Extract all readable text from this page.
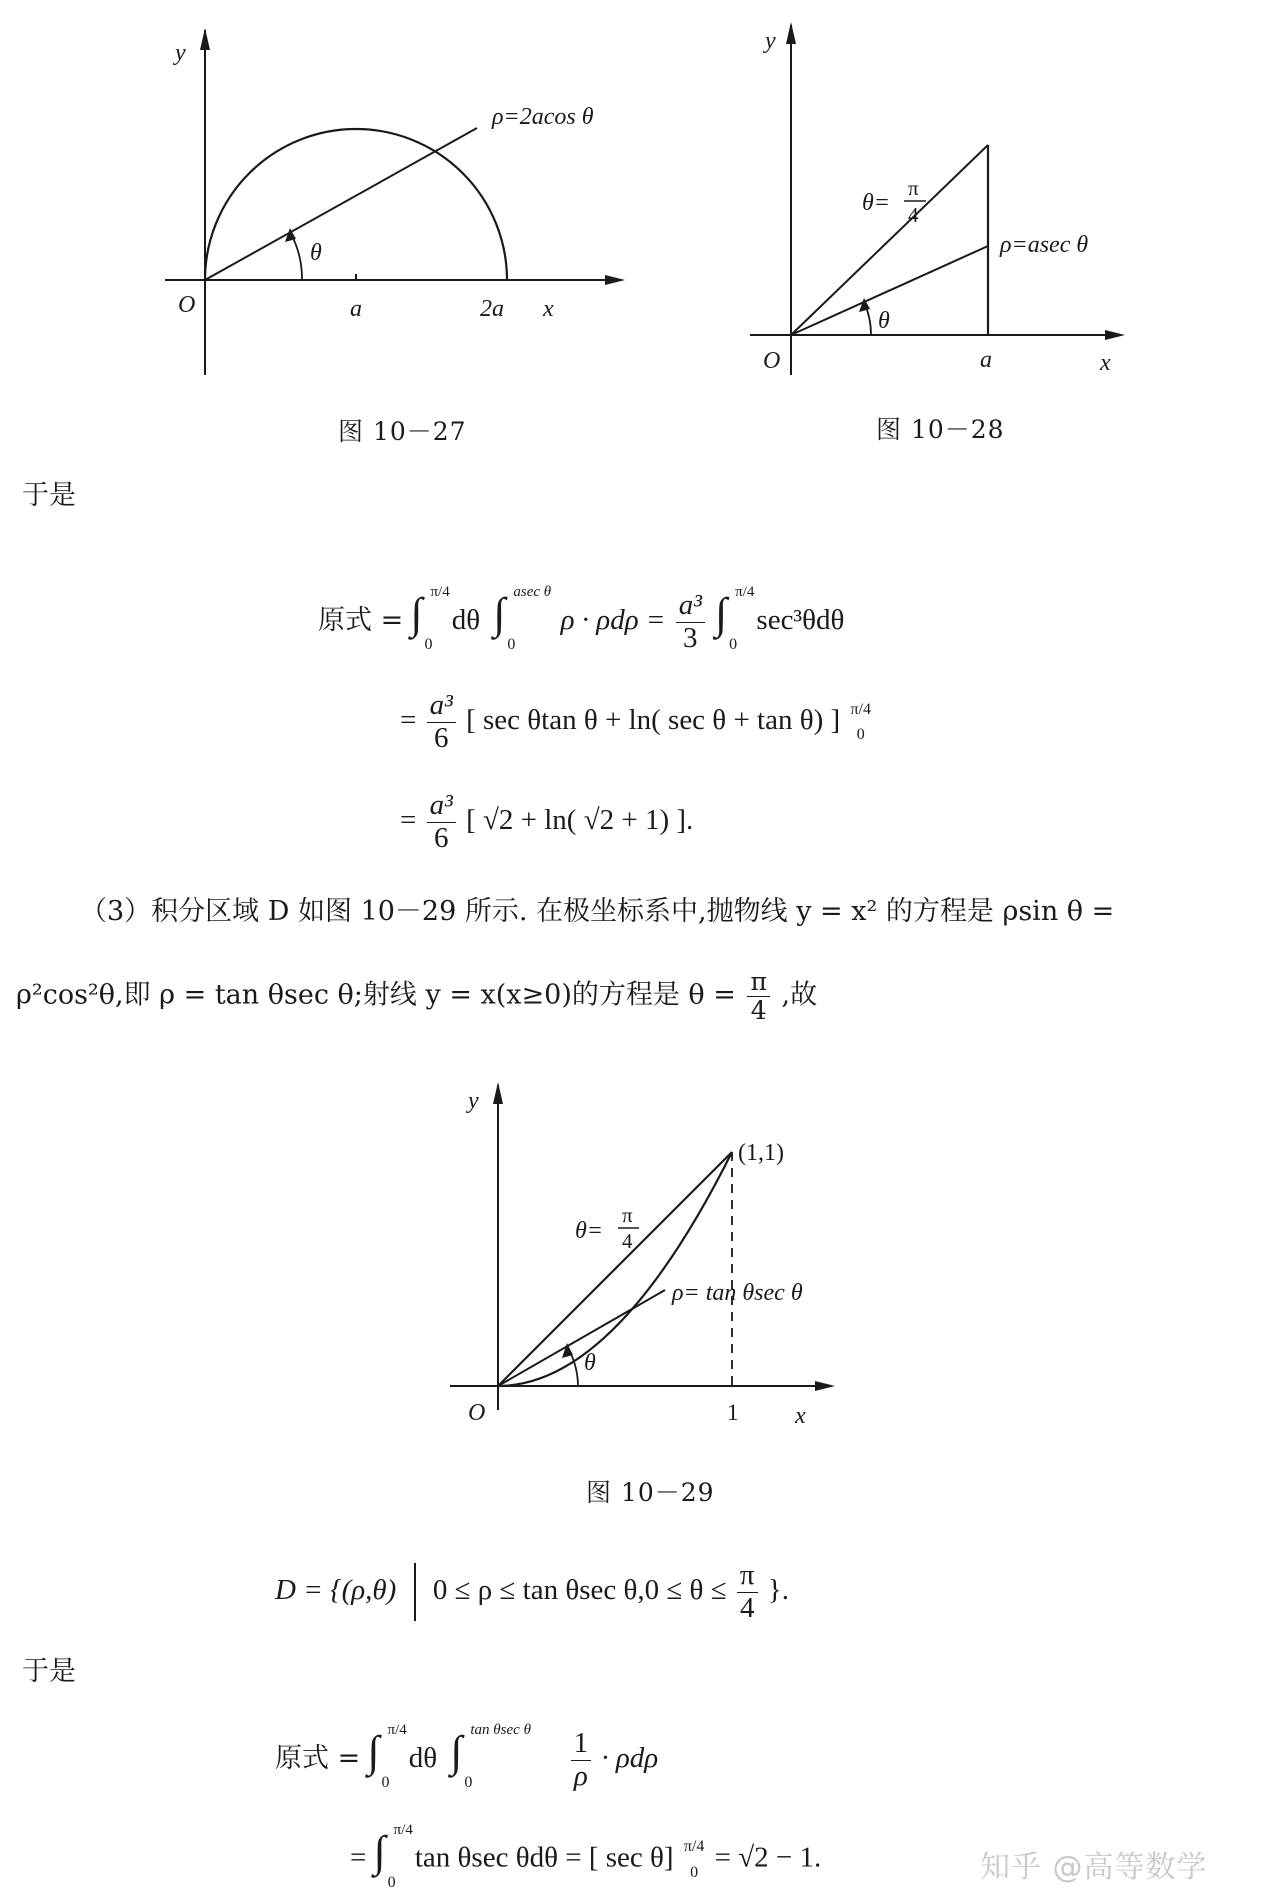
y
O	a	2a x
θ
ρ=2acos θ
图 10－27
y
O	a	x
θ
θ=
π
4
ρ=asec θ
图 10－28
于是
原式 = ∫ π/4
0
dθ ∫ asec θ
0
$\rho \cdot \rho d\rho = \frac{\text{a³}}{3}$
∫ π/4
0
sec³θdθ
= $\frac{\text{a³}}{6}$ [ sec θtan θ + ln( sec θ + tan θ) ] π/4
0
= $\frac{\text{a³}}{6}$ [ √2 + ln( √2 + 1) ].
（3）积分区域 D 如图 10－29 所示. 在极坐标系中,抛物线 y = x² 的方程是 ρsin θ =
ρ²cos²θ,即 ρ = tan θsec θ;射线 y = x(x≥0)的方程是 $\theta = \frac{\pi}{4}$ ,故
y
O	1 x
(1,1)
θ
θ=
π
4
ρ= tan θsec θ
图 10－29
D = {(ρ,θ) 0 ≤ ρ ≤ tan θsec $\theta,0 \le \theta \le \frac{\pi}{4}$ }.
于是
原式 = ∫ π/4
0
dθ ∫ tan θsec θ
0
	$\frac{1}{\rho} \cdot \rho d\rho$
= ∫ π/4
0
tan θsec θdθ = [ sec θ] π/4
0 = √2 − 1.	知乎 @高等数学
